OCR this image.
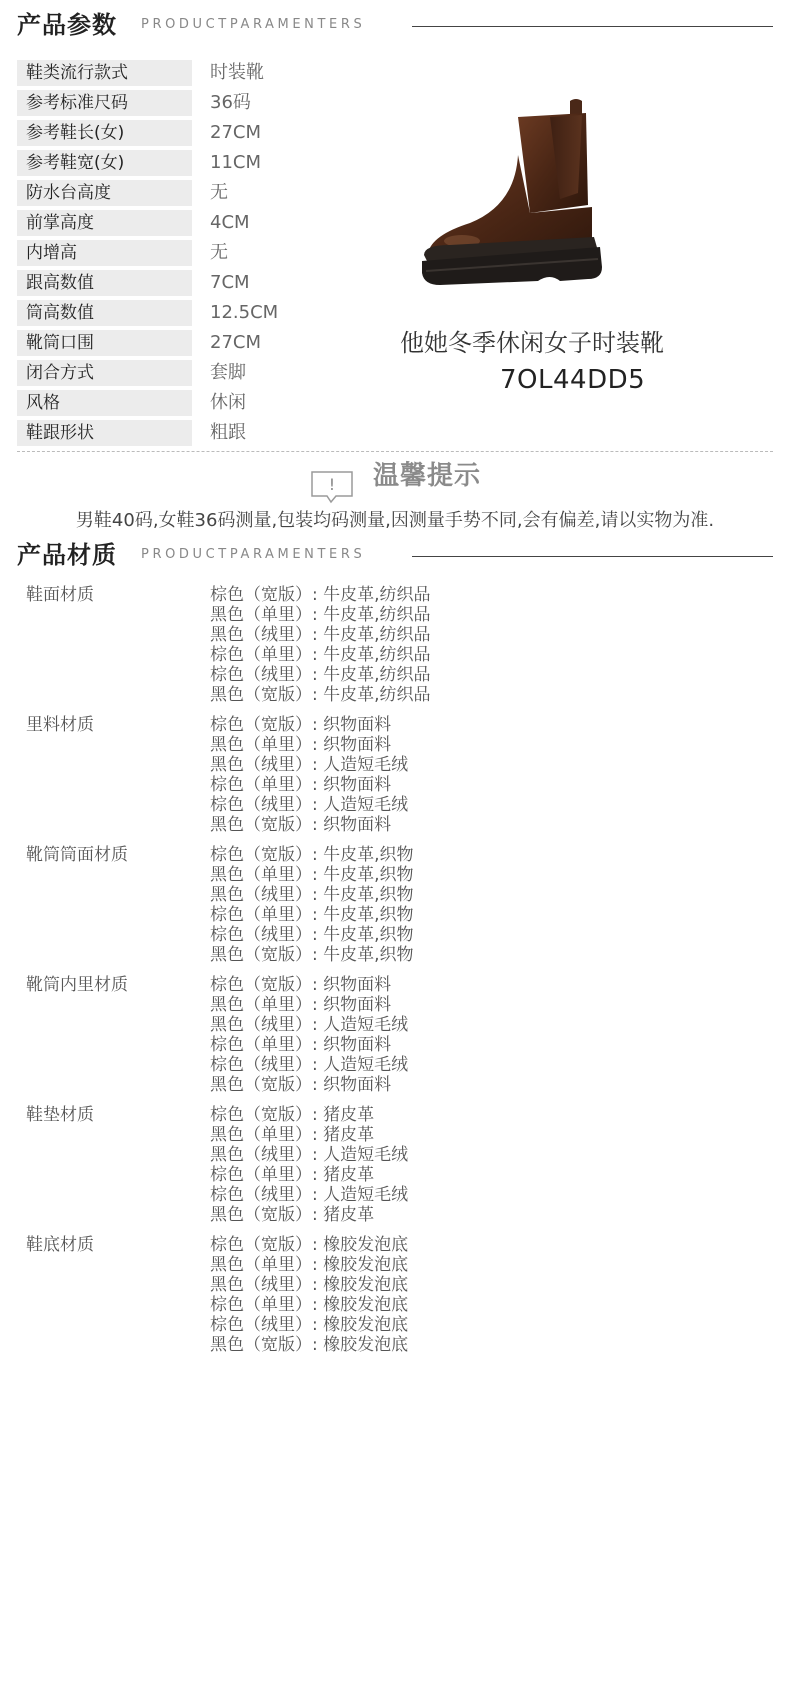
产品参数 PRODUCTPARAMENTERS
鞋类流行款式	时装靴
参考标准尺码	36码
参考鞋长(女)	27CM
参考鞋宽(女)	11CM
防水台高度	无
前掌高度	4CM
内增高	无
跟高数值	7CM
筒高数值	12.5CM
靴筒口围	27CM
闭合方式	套脚
风格	休闲
鞋跟形状	粗跟
他她冬季休闲女子时装靴
7OL44DD5
! 温馨提示
男鞋40码,女鞋36码测量,包装均码测量,因测量手势不同,会有偏差,请以实物为准.
产品材质 PRODUCTPARAMENTERS
鞋面材质	棕色（宽版）: 牛皮革,纺织品
黑色（单里）: 牛皮革,纺织品
黑色（绒里）: 牛皮革,纺织品
棕色（单里）: 牛皮革,纺织品
棕色（绒里）: 牛皮革,纺织品
黑色（宽版）: 牛皮革,纺织品
里料材质	棕色（宽版）: 织物面料
黑色（单里）: 织物面料
黑色（绒里）: 人造短毛绒
棕色（单里）: 织物面料
棕色（绒里）: 人造短毛绒
黑色（宽版）: 织物面料
靴筒筒面材质	棕色（宽版）: 牛皮革,织物
黑色（单里）: 牛皮革,织物
黑色（绒里）: 牛皮革,织物
棕色（单里）: 牛皮革,织物
棕色（绒里）: 牛皮革,织物
黑色（宽版）: 牛皮革,织物
靴筒内里材质	棕色（宽版）: 织物面料
黑色（单里）: 织物面料
黑色（绒里）: 人造短毛绒
棕色（单里）: 织物面料
棕色（绒里）: 人造短毛绒
黑色（宽版）: 织物面料
鞋垫材质	棕色（宽版）: 猪皮革
黑色（单里）: 猪皮革
黑色（绒里）: 人造短毛绒
棕色（单里）: 猪皮革
棕色（绒里）: 人造短毛绒
黑色（宽版）: 猪皮革
鞋底材质	棕色（宽版）: 橡胶发泡底
黑色（单里）: 橡胶发泡底
黑色（绒里）: 橡胶发泡底
棕色（单里）: 橡胶发泡底
棕色（绒里）: 橡胶发泡底
黑色（宽版）: 橡胶发泡底
